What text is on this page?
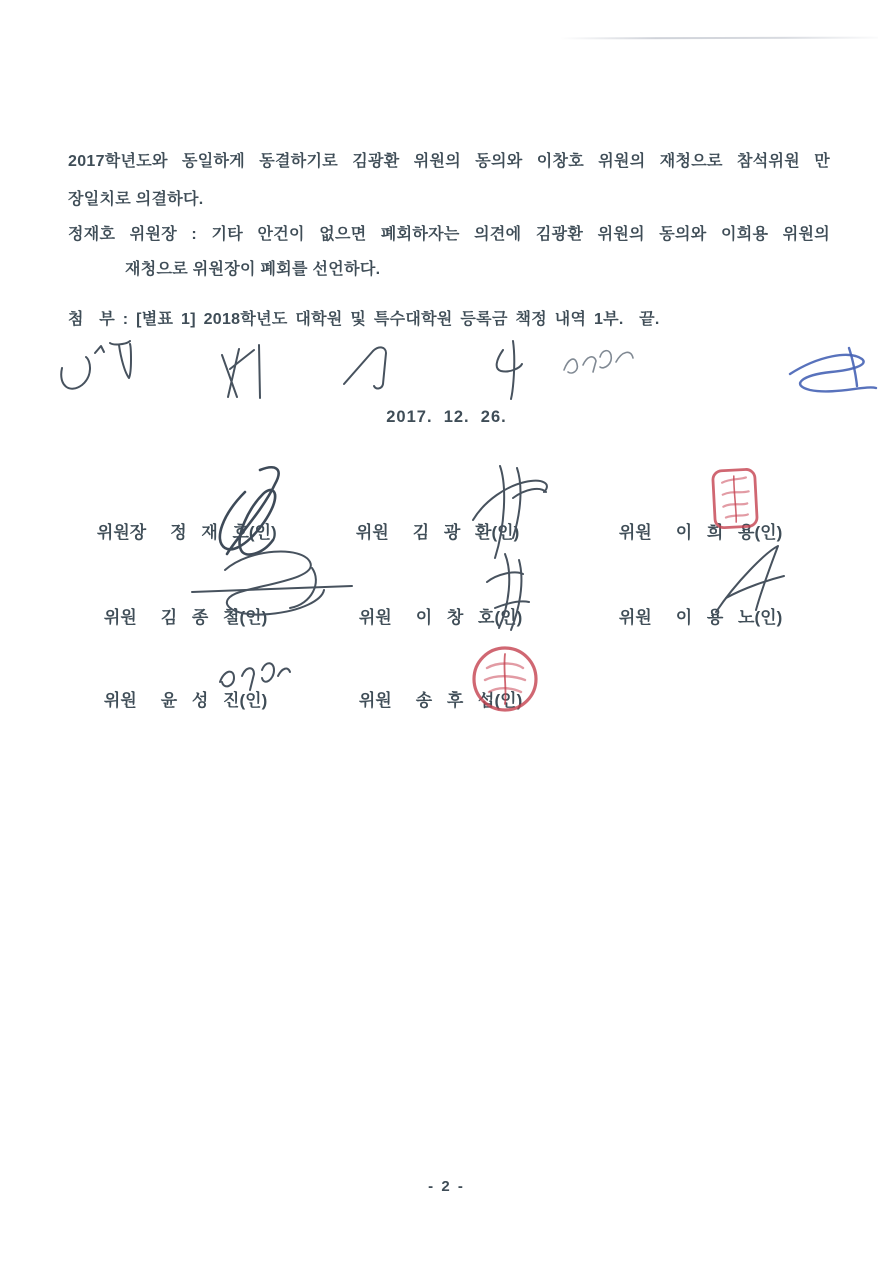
2017학년도와 동일하게 동결하기로 김광환 위원의 동의와 이창호 위원의 재청으로 참석위원 만
장일치로 의결하다.
정재호 위원장 : 기타 안건이 없으면 폐회하자는 의견에 김광환 위원의 동의와 이희용 위원의
재청으로 위원장이 폐회를 선언하다.
첨  부 : [별표 1] 2018학년도 대학원 및 특수대학원 등록금 책정 내역 1부.  끝.
2017.  12.  26.

위원장 정 재 호(인)
	위원 김 광 환(인)
	위원 이 희 용(인)

위원 김 종 철(인)
	위원 이 창 호(인)
	위원 이 용 노(인)

위원 윤 성 진(인)
	위원 송 후 섭(인)

- 2 -
